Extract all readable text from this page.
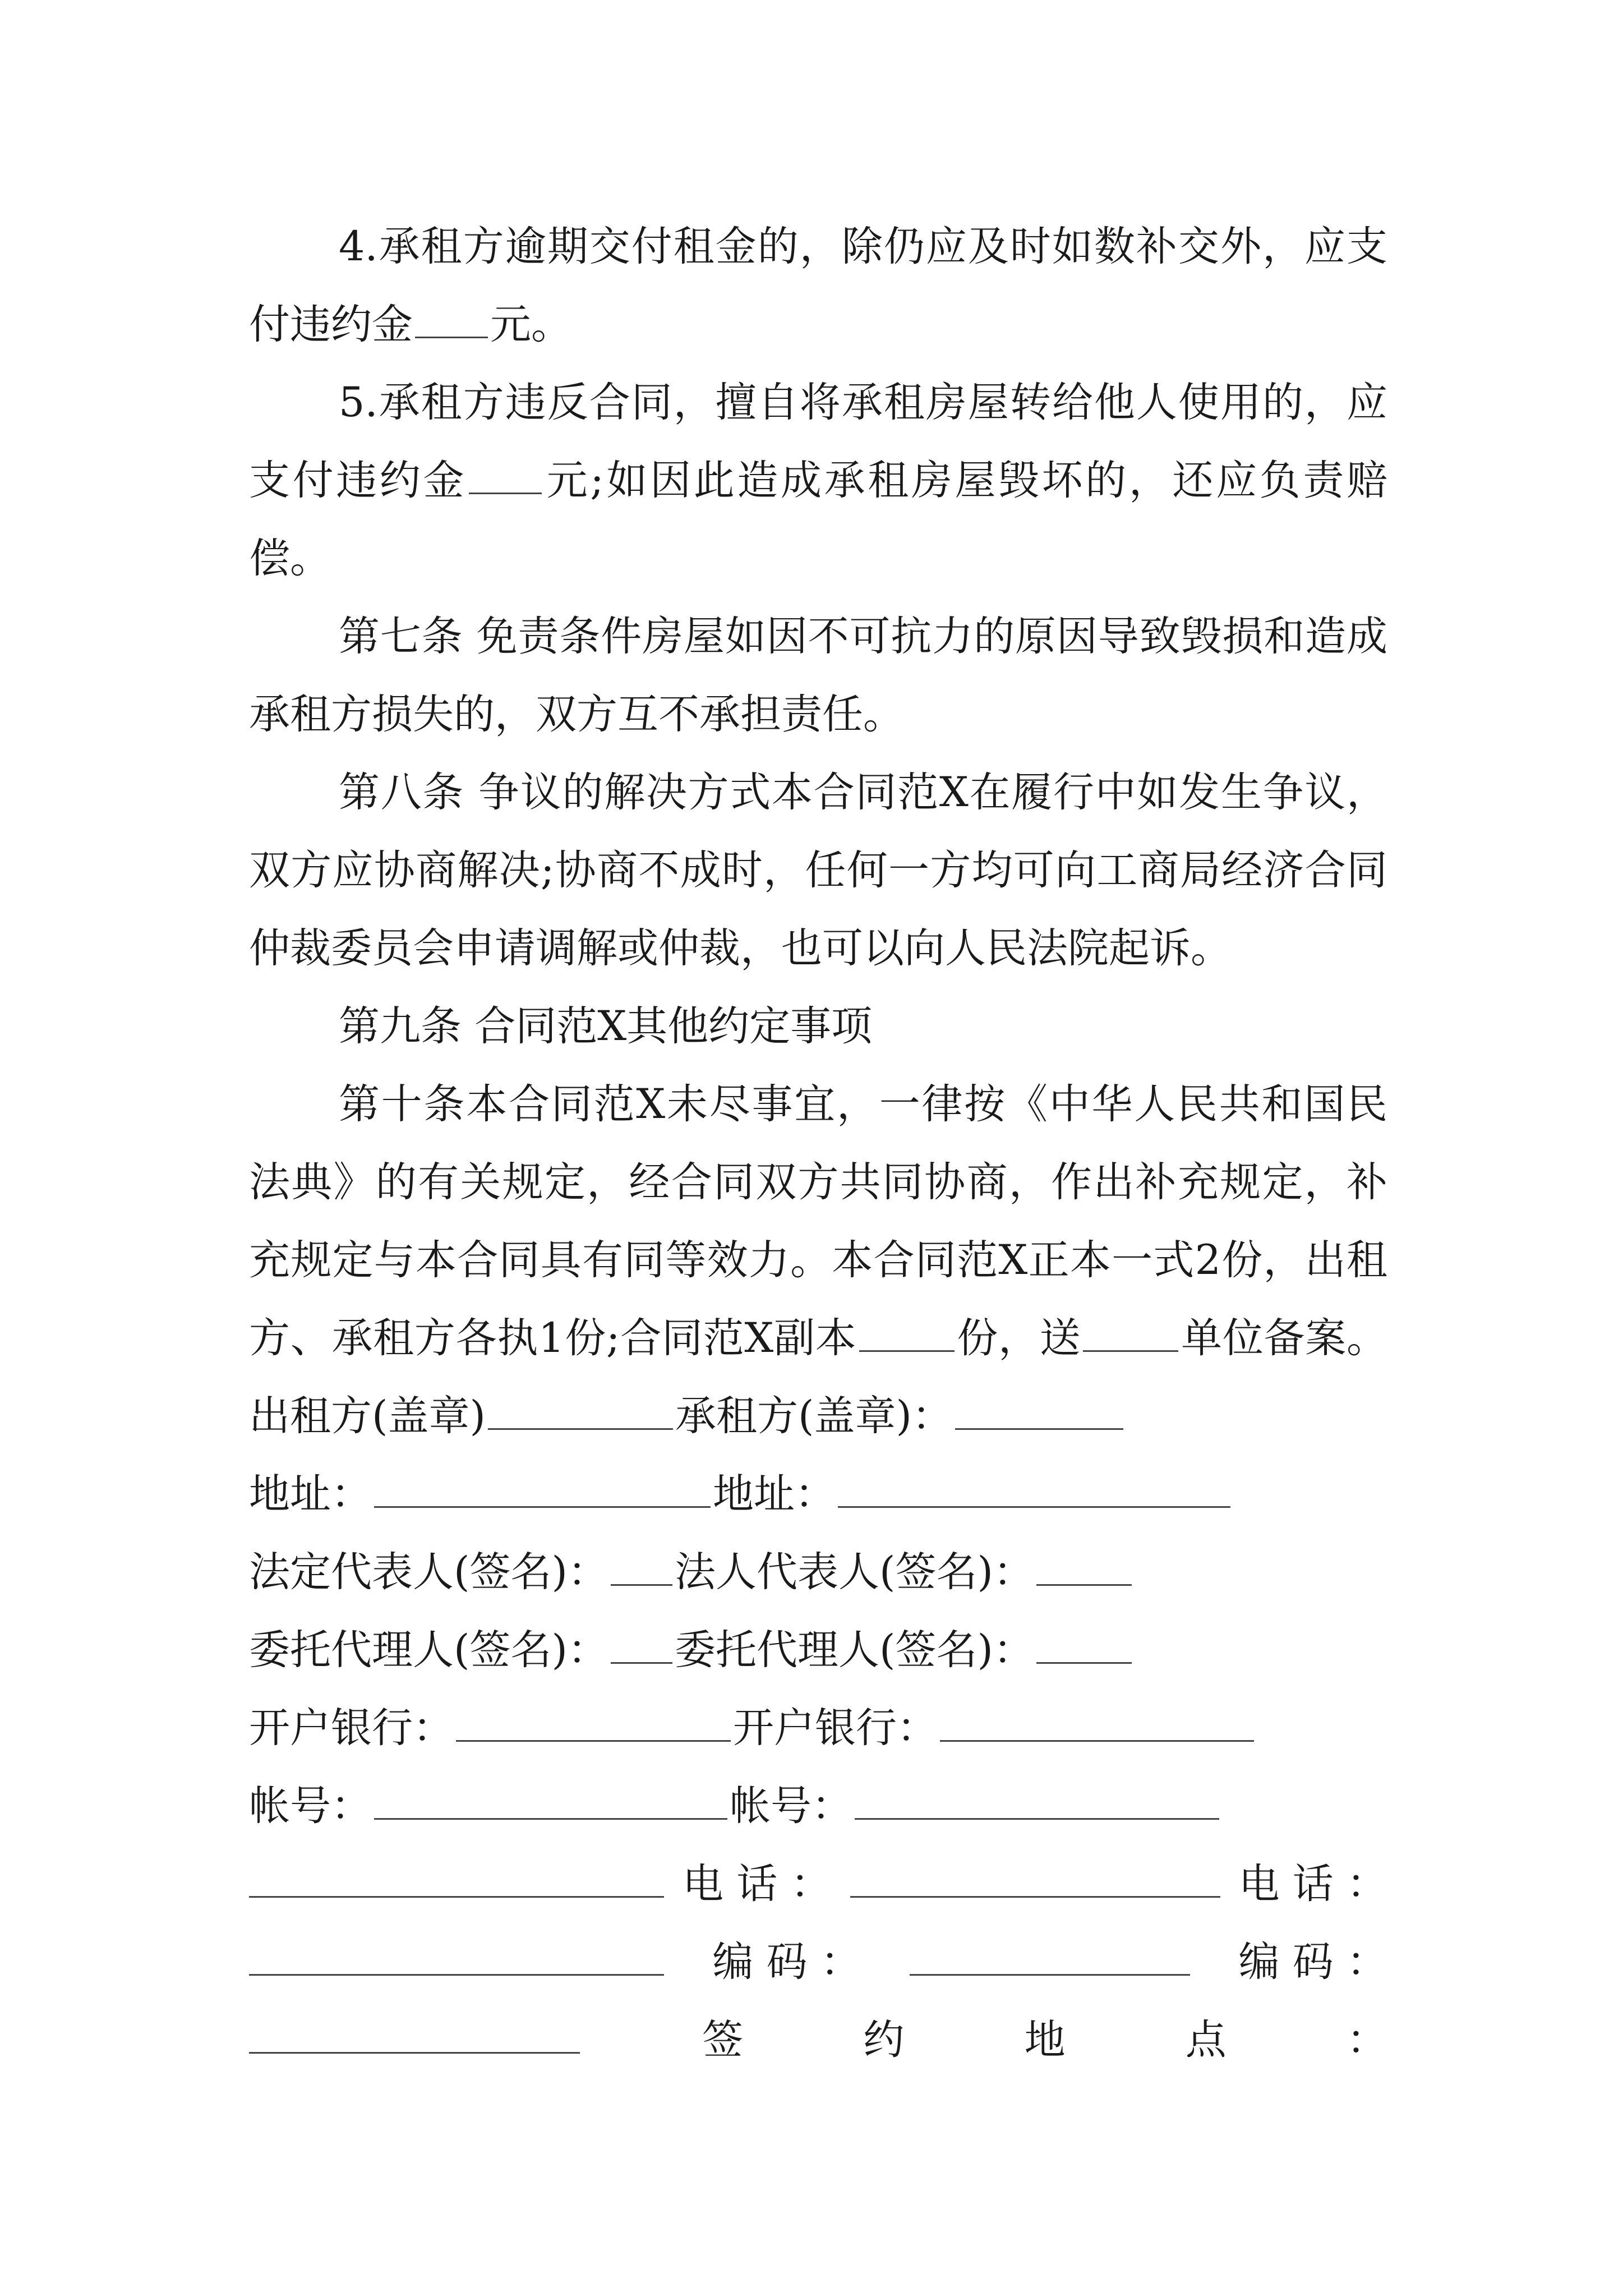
4.承租方逾期交付租金的，除仍应及时如数补交外，应支付违约金 元。

5.承租方违反合同，擅自将承租房屋转给他人使用的，应支付违约金 元;如因此造成承租房屋毁坏的，还应负责赔偿。

第七条 免责条件房屋如因不可抗力的原因导致毁损和造成承租方损失的，双方互不承担责任。

第八条 争议的解决方式本合同范X在履行中如发生争议，双方应协商解决;协商不成时，任何一方均可向工商局经济合同仲裁委员会申请调解或仲裁，也可以向人民法院起诉。

第九条 合同范X其他约定事项

第十条本合同范X未尽事宜，一律按《中华人民共和国民法典》的有关规定，经合同双方共同协商，作出补充规定，补充规定与本合同具有同等效力。本合同范X正本一式2份，出租方、承租方各执1份;合同范X副本 份，送 单位备案。出租方(盖章)	承租方(盖章)：

地址：	地址：
法定代表人(签名)： 法人代表人(签名)：
委托代理人(签名)： 委托代理人(签名)：
开户银行：	开户银行：
帐号：	帐号：
电 话 ：	电 话 ：
编 码 ：	编 码 ：
签	约	地	点	：
